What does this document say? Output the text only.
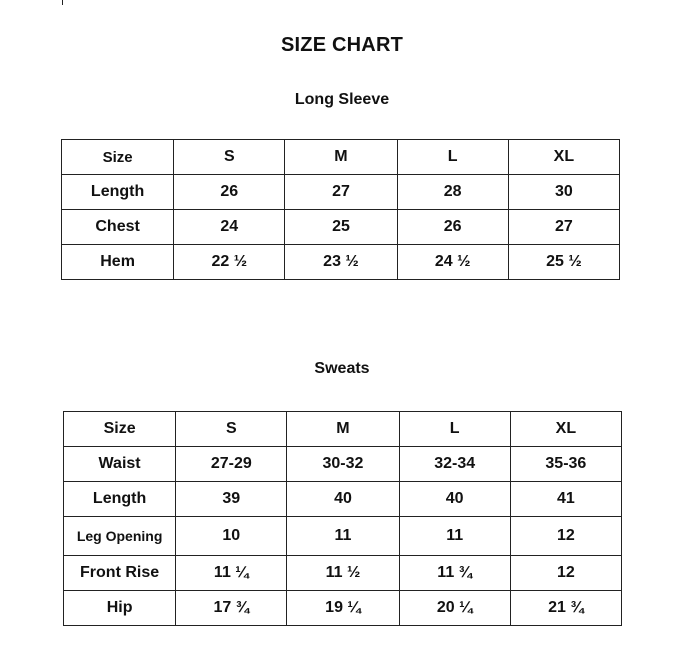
SIZE CHART
Long Sleeve
Size	S	M	L	XL
Length	26	27	28	30
Chest	24	25	26	27
Hem	22 ½	23 ½	24 ½	25 ½
Sweats
Size	S	M	L	XL
Waist	27-29	30-32	32-34	35-36
Length	39	40	40	41
Leg Opening	10	11	11	12
Front Rise	11 ¼	11 ½	11 ¾	12
Hip	17 ¾	19 ¼	20 ¼	21 ¾
